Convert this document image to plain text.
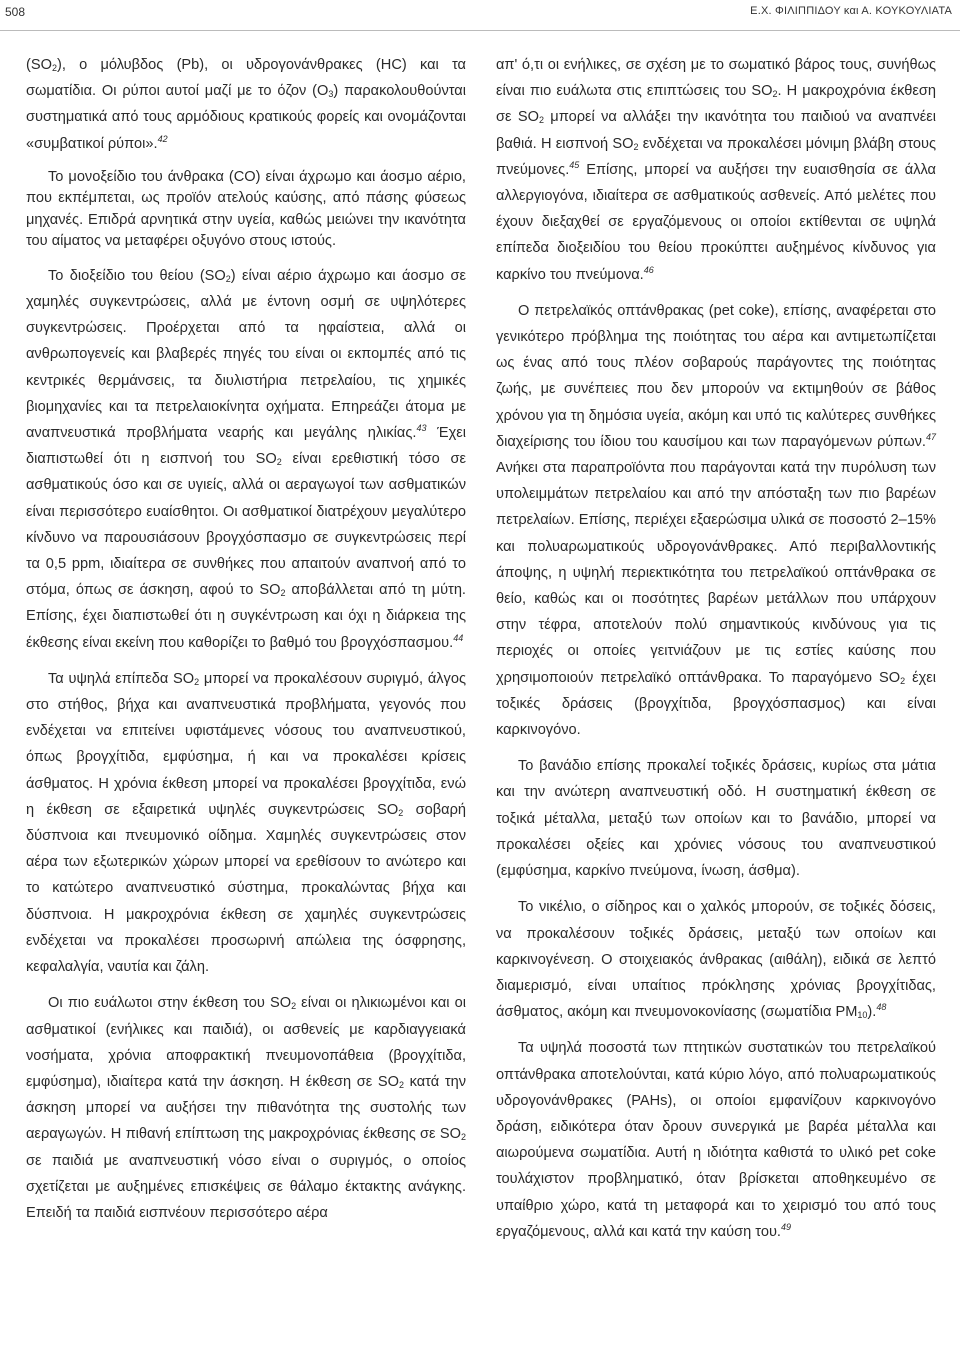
508	Ε.Χ. ΦΙΛΙΠΠΙΔΟΥ και Α. ΚΟΥΚΟΥΛΙΑΤΑ

$(SO_2)$, ο μόλυβδος (Pb), οι υδρογονάνθρακες (HC) και τα σωματίδια. Οι ρύποι αυτοί μαζί με το όζον $(O_3)$ παρακολουθούνται συστηματικά από τους αρμόδιους κρατικούς φορείς και ονομάζονται «συμβατικοί ρύποι».$^{42}$

Το μονοξείδιο του άνθρακα (CO) είναι άχρωμο και άοσμο αέριο, που εκπέμπεται, ως προϊόν ατελούς καύσης, από πάσης φύσεως μηχανές. Επιδρά αρνητικά στην υγεία, καθώς μειώνει την ικανότητα του αίματος να μεταφέρει οξυγόνο στους ιστούς.

Το διοξείδιο του θείου $(SO_2)$ είναι αέριο άχρωμο και άοσμο σε χαμηλές συγκεντρώσεις, αλλά με έντονη οσμή σε υψηλότερες συγκεντρώσεις. Προέρχεται από τα ηφαίστεια, αλλά οι ανθρωπογενείς και βλαβερές πηγές του είναι οι εκπομπές από τις κεντρικές θερμάνσεις, τα διυλιστήρια πετρελαίου, τις χημικές βιομηχανίες και τα πετρελαιοκίνητα οχήματα. Επηρεάζει άτομα με αναπνευστικά προβλήματα νεαρής και μεγάλης ηλικίας.$^{43}$ Έχει διαπιστωθεί ότι η εισπνοή του $SO_2$ είναι ερεθιστική τόσο σε ασθματικούς όσο και σε υγιείς, αλλά οι αεραγωγοί των ασθματικών είναι περισσότερο ευαίσθητοι. Οι ασθματικοί διατρέχουν μεγαλύτερο κίνδυνο να παρουσιάσουν βρογχόσπασμο σε συγκεντρώσεις περί τα 0,5 ppm, ιδιαίτερα σε συνθήκες που απαιτούν αναπνοή από το στόμα, όπως σε άσκηση, αφού το $SO_2$ αποβάλλεται από τη μύτη. Επίσης, έχει διαπιστωθεί ότι η συγκέντρωση και όχι η διάρκεια της έκθεσης είναι εκείνη που καθορίζει το βαθμό του βρογχόσπασμου.$^{44}$

Τα υψηλά επίπεδα $SO_2$ μπορεί να προκαλέσουν συριγμό, άλγος στο στήθος, βήχα και αναπνευστικά προβλήματα, γεγονός που ενδέχεται να επιτείνει υφιστάμενες νόσους του αναπνευστικού, όπως βρογχίτιδα, εμφύσημα, ή και να προκαλέσει κρίσεις άσθματος. Η χρόνια έκθεση μπορεί να προκαλέσει βρογχίτιδα, ενώ η έκθεση σε εξαιρετικά υψηλές συγκεντρώσεις $SO_2$ σοβαρή δύσπνοια και πνευμονικό οίδημα. Χαμηλές συγκεντρώσεις στον αέρα των εξωτερικών χώρων μπορεί να ερεθίσουν το ανώτερο και το κατώτερο αναπνευστικό σύστημα, προκαλώντας βήχα και δύσπνοια. Η μακροχρόνια έκθεση σε χαμηλές συγκεντρώσεις ενδέχεται να προκαλέσει προσωρινή απώλεια της όσφρησης, κεφαλαλγία, ναυτία και ζάλη.

Οι πιο ευάλωτοι στην έκθεση του $SO_2$ είναι οι ηλικιωμένοι και οι ασθματικοί (ενήλικες και παιδιά), οι ασθενείς με καρδιαγγειακά νοσήματα, χρόνια αποφρακτική πνευμονοπάθεια (βρογχίτιδα, εμφύσημα), ιδιαίτερα κατά την άσκηση. Η έκθεση σε $SO_2$ κατά την άσκηση μπορεί να αυξήσει την πιθανότητα της συστολής των αεραγωγών. Η πιθανή επίπτωση της μακροχρόνιας έκθεσης σε $SO_2$ σε παιδιά με αναπνευστική νόσο είναι ο συριγμός, ο οποίος σχετίζεται με αυξημένες επισκέψεις σε θάλαμο έκτακτης ανάγκης. Επειδή τα παιδιά εισπνέουν περισσότερο αέρα

απ' ό,τι οι ενήλικες, σε σχέση με το σωματικό βάρος τους, συνήθως είναι πιο ευάλωτα στις επιπτώσεις του $SO_2$. Η μακροχρόνια έκθεση σε $SO_2$ μπορεί να αλλάξει την ικανότητα του παιδιού να αναπνέει βαθιά. Η εισπνοή $SO_2$ ενδέχεται να προκαλέσει μόνιμη βλάβη στους πνεύμονες.$^{45}$ Επίσης, μπορεί να αυξήσει την ευαισθησία σε άλλα αλλεργιογόνα, ιδιαίτερα σε ασθματικούς ασθενείς. Από μελέτες που έχουν διεξαχθεί σε εργαζόμενους οι οποίοι εκτίθενται σε υψηλά επίπεδα διοξειδίου του θείου προκύπτει αυξημένος κίνδυνος για καρκίνο του πνεύμονα.$^{46}$

Ο πετρελαϊκός οπτάνθρακας (pet coke), επίσης, αναφέρεται στο γενικότερο πρόβλημα της ποιότητας του αέρα και αντιμετωπίζεται ως ένας από τους πλέον σοβαρούς παράγοντες της ποιότητας ζωής, με συνέπειες που δεν μπορούν να εκτιμηθούν σε βάθος χρόνου για τη δημόσια υγεία, ακόμη και υπό τις καλύτερες συνθήκες διαχείρισης του ίδιου του καυσίμου και των παραγόμενων ρύπων.$^{47}$ Ανήκει στα παραπροϊόντα που παράγονται κατά την πυρόλυση των υπολειμμάτων πετρελαίου και από την απόσταξη των πιο βαρέων πετρελαίων. Επίσης, περιέχει εξαερώσιμα υλικά σε ποσοστό 2–15% και πολυαρωματικούς υδρογονάνθρακες. Από περιβαλλοντικής άποψης, η υψηλή περιεκτικότητα του πετρελαϊκού οπτάνθρακα σε θείο, καθώς και οι ποσότητες βαρέων μετάλλων που υπάρχουν στην τέφρα, αποτελούν πολύ σημαντικούς κινδύνους για τις περιοχές οι οποίες γειτνιάζουν με τις εστίες καύσης που χρησιμοποιούν πετρελαϊκό οπτάνθρακα. Το παραγόμενο $SO_2$ έχει τοξικές δράσεις (βρογχίτιδα, βρογχόσπασμος) και είναι καρκινογόνο.

Το βανάδιο επίσης προκαλεί τοξικές δράσεις, κυρίως στα μάτια και την ανώτερη αναπνευστική οδό. Η συστηματική έκθεση σε τοξικά μέταλλα, μεταξύ των οποίων και το βανάδιο, μπορεί να προκαλέσει οξείες και χρόνιες νόσους του αναπνευστικού (εμφύσημα, καρκίνο πνεύμονα, ίνωση, άσθμα).

Το νικέλιο, ο σίδηρος και ο χαλκός μπορούν, σε τοξικές δόσεις, να προκαλέσουν τοξικές δράσεις, μεταξύ των οποίων και καρκινογένεση. Ο στοιχειακός άνθρακας (αιθάλη), ειδικά σε λεπτό διαμερισμό, είναι υπαίτιος πρόκλησης χρόνιας βρογχίτιδας, άσθματος, ακόμη και πνευμονοκονίασης (σωματίδια $PM_{10}).^{48}$

Τα υψηλά ποσοστά των πτητικών συστατικών του πετρελαϊκού οπτάνθρακα αποτελούνται, κατά κύριο λόγο, από πολυαρωματικούς υδρογονάνθρακες (PAHs), οι οποίοι εμφανίζουν καρκινογόνο δράση, ειδικότερα όταν δρουν συνεργικά με βαρέα μέταλλα και αιωρούμενα σωματίδια. Αυτή η ιδιότητα καθιστά το υλικό pet coke τουλάχιστον προβληματικό, όταν βρίσκεται αποθηκευμένο σε υπαίθριο χώρο, κατά τη μεταφορά και το χειρισμό του από τους εργαζόμενους, αλλά και κατά την καύση του.$^{49}$
